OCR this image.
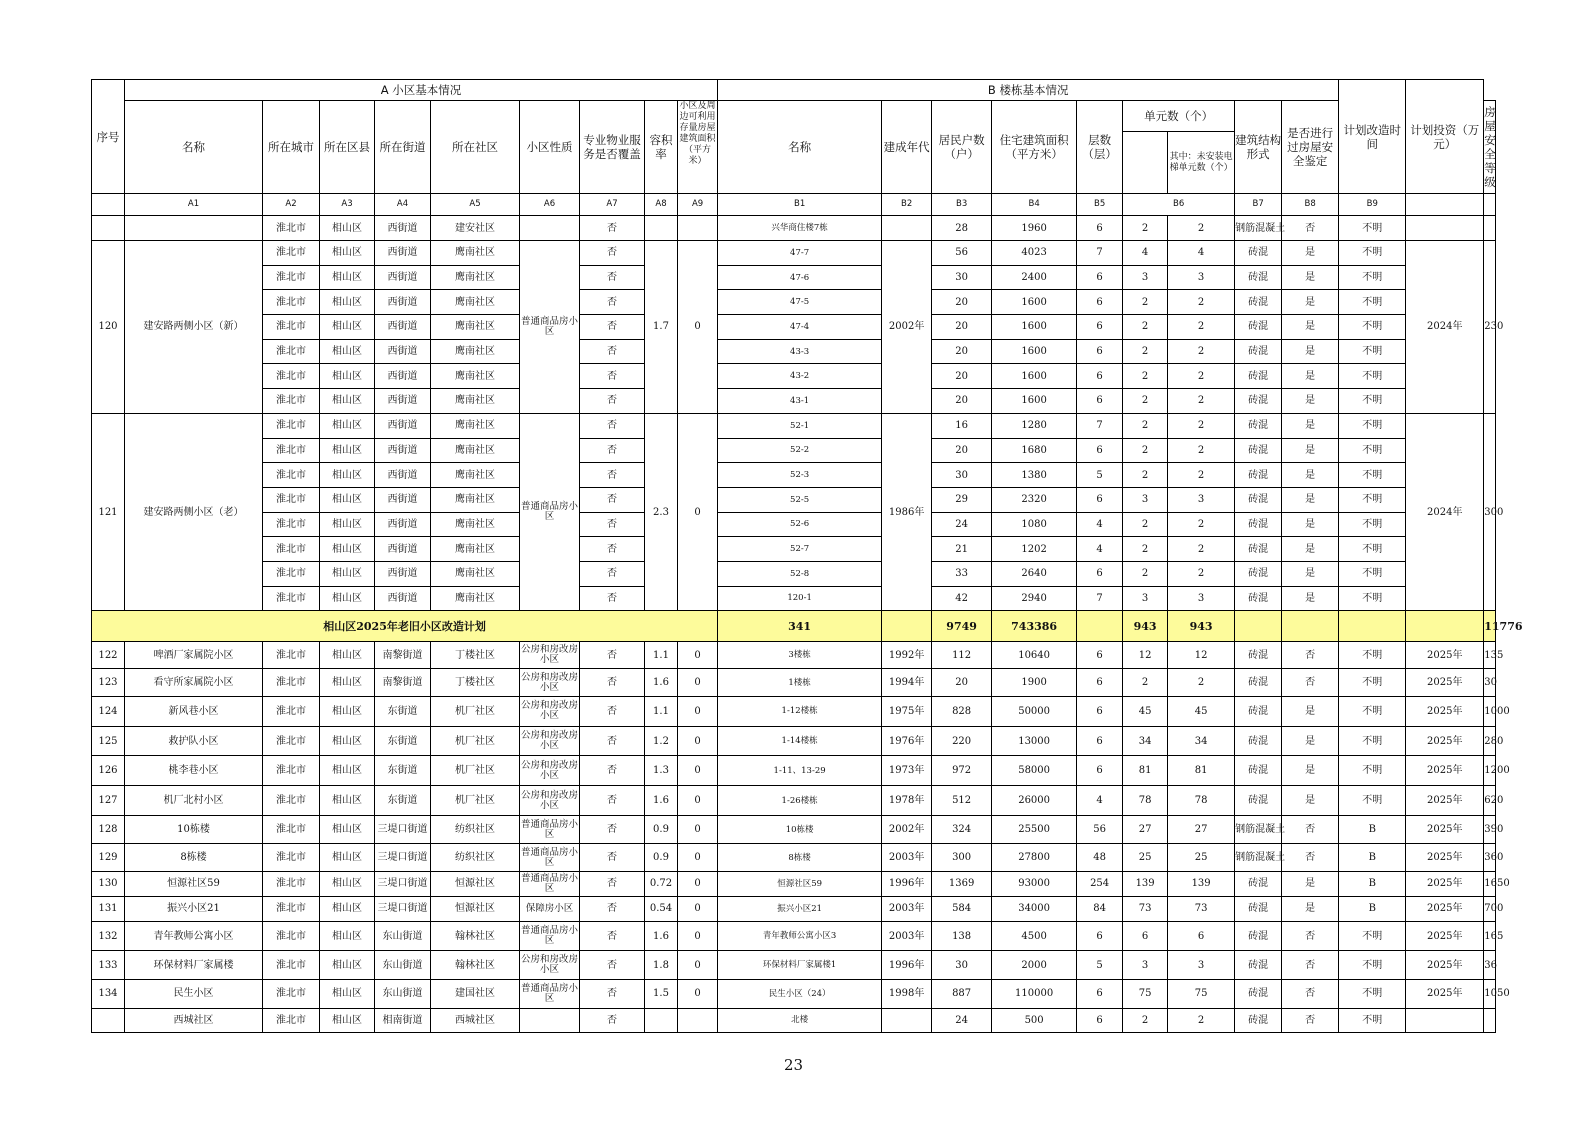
序号	A 小区基本情况									B 楼栋基本情况									计划改造时间	计划投资（万元）	
	名称	所在城市	所在区县	所在街道	所在社区	小区性质	专业物业服务是否覆盖	容积率	小区及周边可利用存量房屋建筑面积（平方米）	名称	建成年代	居民户数（户）	住宅建筑面积（平方米）	层数（层）	单元数（个）		建筑结构形式	是否进行过房屋安全鉴定			房屋安全等级
																其中：未安装电梯单元数（个）					
	A1	A2	A3	A4	A5	A6	A7	A8	A9	B1	B2	B3	B4	B5	B6		B7	B8	B9		
		淮北市	相山区	西街道	建安社区		否			兴华商住楼7栋		28	1960	6	2	2	钢筋混凝土	否	不明		
120	建安路两侧小区（新）	淮北市	相山区	西街道	鹰南社区	普通商品房小区	否	1.7	0	47-7	2002年	56	4023	7	4	4	砖混	是	不明	2024年	230
		淮北市	相山区	西街道	鹰南社区		否			47-6		30	2400	6	3	3	砖混	是	不明		
		淮北市	相山区	西街道	鹰南社区		否			47-5		20	1600	6	2	2	砖混	是	不明		
		淮北市	相山区	西街道	鹰南社区		否			47-4		20	1600	6	2	2	砖混	是	不明		
		淮北市	相山区	西街道	鹰南社区		否			43-3		20	1600	6	2	2	砖混	是	不明		
		淮北市	相山区	西街道	鹰南社区		否			43-2		20	1600	6	2	2	砖混	是	不明		
		淮北市	相山区	西街道	鹰南社区		否			43-1		20	1600	6	2	2	砖混	是	不明		
121	建安路两侧小区（老）	淮北市	相山区	西街道	鹰南社区	普通商品房小区	否	2.3	0	52-1	1986年	16	1280	7	2	2	砖混	是	不明	2024年	300
		淮北市	相山区	西街道	鹰南社区		否			52-2		20	1680	6	2	2	砖混	是	不明		
		淮北市	相山区	西街道	鹰南社区		否			52-3		30	1380	5	2	2	砖混	是	不明		
		淮北市	相山区	西街道	鹰南社区		否			52-5		29	2320	6	3	3	砖混	是	不明		
		淮北市	相山区	西街道	鹰南社区		否			52-6		24	1080	4	2	2	砖混	是	不明		
		淮北市	相山区	西街道	鹰南社区		否			52-7		21	1202	4	2	2	砖混	是	不明		
		淮北市	相山区	西街道	鹰南社区		否			52-8		33	2640	6	2	2	砖混	是	不明		
		淮北市	相山区	西街道	鹰南社区		否			120-1		42	2940	7	3	3	砖混	是	不明		
相山区2025年老旧小区改造计划										341		9749	743386		943	943					11776
122	啤酒厂家属院小区	淮北市	相山区	南黎街道	丁楼社区	公房和房改房小区	否	1.1	0	3楼栋	1992年	112	10640	6	12	12	砖混	否	不明	2025年	135
123	看守所家属院小区	淮北市	相山区	南黎街道	丁楼社区	公房和房改房小区	否	1.6	0	1楼栋	1994年	20	1900	6	2	2	砖混	否	不明	2025年	30
124	新风巷小区	淮北市	相山区	东街道	机厂社区	公房和房改房小区	否	1.1	0	1-12楼栋	1975年	828	50000	6	45	45	砖混	是	不明	2025年	1000
125	救护队小区	淮北市	相山区	东街道	机厂社区	公房和房改房小区	否	1.2	0	1-14楼栋	1976年	220	13000	6	34	34	砖混	是	不明	2025年	280
126	桃李巷小区	淮北市	相山区	东街道	机厂社区	公房和房改房小区	否	1.3	0	1-11、13-29	1973年	972	58000	6	81	81	砖混	是	不明	2025年	1200
127	机厂北村小区	淮北市	相山区	东街道	机厂社区	公房和房改房小区	否	1.6	0	1-26楼栋	1978年	512	26000	4	78	78	砖混	是	不明	2025年	620
128	10栋楼	淮北市	相山区	三堤口街道	纺织社区	普通商品房小区	否	0.9	0	10栋楼	2002年	324	25500	56	27	27	钢筋混凝土	否	B	2025年	390
129	8栋楼	淮北市	相山区	三堤口街道	纺织社区	普通商品房小区	否	0.9	0	8栋楼	2003年	300	27800	48	25	25	钢筋混凝土	否	B	2025年	360
130	恒源社区59	淮北市	相山区	三堤口街道	恒源社区	普通商品房小区	否	0.72	0	恒源社区59	1996年	1369	93000	254	139	139	砖混	是	B	2025年	1650
131	振兴小区21	淮北市	相山区	三堤口街道	恒源社区	保障房小区	否	0.54	0	振兴小区21	2003年	584	34000	84	73	73	砖混	是	B	2025年	700
132	青年教师公寓小区	淮北市	相山区	东山街道	翰林社区	普通商品房小区	否	1.6	0	青年教师公寓小区3	2003年	138	4500	6	6	6	砖混	否	不明	2025年	165
133	环保材料厂家属楼	淮北市	相山区	东山街道	翰林社区	公房和房改房小区	否	1.8	0	环保材料厂家属楼1	1996年	30	2000	5	3	3	砖混	否	不明	2025年	36
134	民生小区	淮北市	相山区	东山街道	建国社区	普通商品房小区	否	1.5	0	民生小区（24）	1998年	887	110000	6	75	75	砖混	否	不明	2025年	1050
	西城社区	淮北市	相山区	相南街道	西城社区		否			北楼		24	500	6	2	2	砖混	否	不明		
23
